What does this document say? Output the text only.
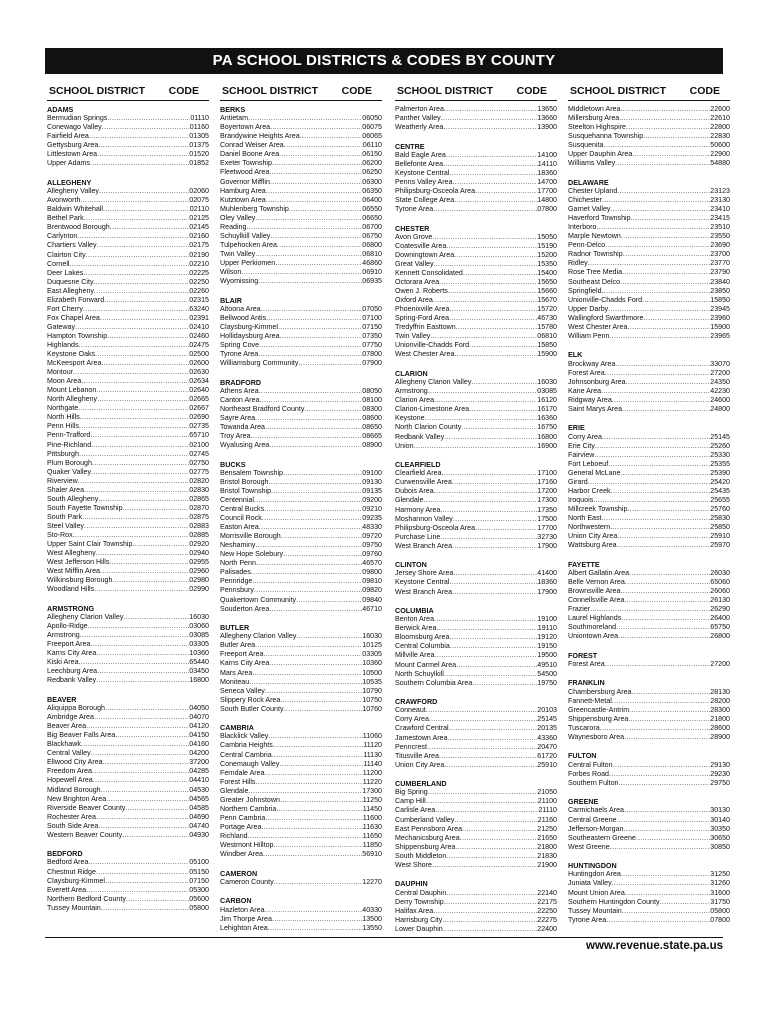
PA SCHOOL DISTRICTS & CODES BY COUNTY
SCHOOL DISTRICT CODE
ADAMS
Bermudian Springs .....	01110
Conewago Valley .....	01160
Fairfield Area .....	01305
Gettysburg Area .....	01375
Littlestown Area .....	01520
Upper Adams .....	01852
ALLEGHENY
Allegheny Valley .....	02060
Avonworth .....	02075
Baldwin Whitehall .....	02110
Bethel Park .....	02125
Brentwood Borough .....	02145
Carlynton .....	02160
Chartiers Valley .....	02175
Clairton City .....	02190
Cornell .....	02210
Deer Lakes .....	02225
Duquesne City .....	02250
East Allegheny .....	02260
Elizabeth Forward .....	02315
Fort Cherry .....	63240
Fox Chapel Area .....	02391
Gateway .....	02410
Hampton Township .....	02460
Highlands .....	02475
Keystone Oaks .....	02500
McKeesport Area .....	02600
Montour .....	02630
Moon Area .....	02634
Mount Lebanon .....	02640
North Allegheny .....	02665
Northgate .....	02667
North Hills .....	02690
Penn Hills .....	02735
Penn-Trafford .....	65710
Pine-Richland .....	02100
Pittsburgh .....	02745
Plum Borough .....	02750
Quaker Valley .....	02775
Riverview .....	02820
Shaler Area .....	02830
South Allegheny .....	02865
South Fayette Township .....	02870
South Park .....	02875
Steel Valley .....	02883
Sto-Rox .....	02885
Upper Saint Clair Township .....	02920
West Allegheny .....	02940
West Jefferson Hills .....	02955
West Mifflin Area .....	02960
Wilkinsburg Borough .....	02980
Woodland Hills .....	02990
ARMSTRONG
Allegheny Clarion Valley .....	16030
Apollo-Ridge .....	03060
Armstrong .....	03085
Freeport Area .....	03305
Karns City Area .....	10360
Kiski Area .....	65440
Leechburg Area .....	03450
Redbank Valley .....	16800
BEAVER
Aliquippa Borough .....	04050
Ambridge Area .....	04070
Beaver Area .....	04120
Big Beaver Falls Area .....	04150
Blackhawk .....	04160
Central Valley .....	04200
Ellwood City Area .....	37200
Freedom Area .....	04285
Hopewell Area .....	04410
Midland Borough .....	04530
New Brighton Area .....	04565
Riverside Beaver County .....	04585
Rochester Area .....	04690
South Side Area .....	04740
Western Beaver County .....	04930
BEDFORD
Bedford Area .....	05100
Chestnut Ridge .....	05150
Claysburg-Kimmel .....	07150
Everett Area .....	05300
Northern Bedford County .....	05600
Tussey Mountain .....	05800
SCHOOL DISTRICT CODE
BERKS
Antietam .....	06050
Boyertown Area .....	06075
Brandywine Heights Area .....	06065
Conrad Weiser Area .....	06110
Daniel Boone Area .....	06150
Exeter Township .....	06200
Fleetwood Area .....	06250
Governor Mifflin .....	06300
Hamburg Area .....	06350
Kutztown Area .....	06400
Muhlenberg Township .....	06550
Oley Valley .....	06650
Reading .....	06700
Schuylkill Valley .....	06750
Tulpehocken Area .....	06800
Twin Valley .....	06810
Upper Perkiomen .....	46860
Wilson .....	06910
Wyomissing .....	06935
BLAIR
Altoona Area .....	07050
Bellwood Antis .....	07100
Claysburg-Kimmel .....	07150
Hollidaysburg Area .....	07350
Spring Cove .....	07750
Tyrone Area .....	07800
Williamsburg Community .....	07900
BRADFORD
Athens Area .....	08050
Canton Area .....	08100
Northeast Bradford County .....	08300
Sayre Area .....	08600
Towanda Area .....	08650
Troy Area .....	08665
Wyalusing Area .....	08900
BUCKS
Bensalem Township .....	09100
Bristol Borough .....	09130
Bristol Township .....	09135
Centennial .....	09200
Central Bucks .....	09210
Council Rock .....	09235
Easton Area .....	48330
Morrisville Borough .....	09720
Neshaminy .....	09750
New Hope Solebury .....	09760
North Penn .....	46570
Palisades .....	09800
Pennridge .....	09810
Pennsbury .....	09820
Quakertown Community .....	09840
Souderton Area .....	46710
BUTLER
Allegheny Clarion Valley .....	16030
Butler Area .....	10125
Freeport Area .....	03305
Karns City Area .....	10360
Mars Area .....	10500
Moniteau .....	10535
Seneca Valley .....	10790
Slippery Rock Area .....	10750
South Butler County .....	10760
CAMBRIA
Blacklick Valley .....	11060
Cambria Heights .....	11120
Central Cambria .....	11130
Conemaugh Valley .....	11140
Ferndale Area .....	11200
Forest Hills .....	11220
Glendale .....	17300
Greater Johnstown .....	11250
Northern Cambria .....	11450
Penn Cambria .....	11600
Portage Area .....	11630
Richland .....	11650
Westmont Hilltop .....	11850
Windber Area .....	56910
CAMERON
Cameron County .....	12270
CARBON
Hazleton Area .....	40330
Jim Thorpe Area .....	13500
Lehighton Area .....	13550
SCHOOL DISTRICT CODE
Palmerton Area .....	13650
Panther Valley .....	13660
Weatherly Area .....	13900
CENTRE
Bald Eagle Area .....	14100
Bellefonte Area .....	14110
Keystone Central .....	18360
Penns Valley Area .....	14700
Philipsburg-Osceola Area .....	17700
State College Area .....	14800
Tyrone Area .....	07800
CHESTER
Avon Grove .....	15050
Coatesville Area .....	15190
Downingtown Area .....	15200
Great Valley .....	15350
Kennett Consolidated .....	15400
Octorara Area .....	15650
Owen J. Roberts .....	15660
Oxford Area .....	15670
Phoenixville Area .....	15720
Spring-Ford Area .....	46730
Tredyffrin Easttown .....	15780
Twin Valley .....	06810
Unionville-Chadds Ford .....	15850
West Chester Area .....	15900
CLARION
Allegheny Clarion Valley .....	16030
Armstrong .....	03085
Clarion Area .....	16120
Clarion-Limestone Area .....	16170
Keystone .....	16360
North Clarion County .....	16750
Redbank Valley .....	16800
Union .....	16900
CLEARFIELD
Clearfield Area .....	17100
Curwensville Area .....	17160
Dubois Area .....	17200
Glendale .....	17300
Harmony Area .....	17350
Moshannon Valley .....	17500
Philipsburg-Osceola Area .....	17700
Purchase Line .....	32730
West Branch Area .....	17900
CLINTON
Jersey Shore Area .....	41400
Keystone Central .....	18360
West Branch Area .....	17900
COLUMBIA
Benton Area .....	19100
Berwick Area .....	19110
Bloomsburg Area .....	19120
Central Columbia .....	19150
Millville Area .....	19500
Mount Carmel Area .....	49510
North Schuylkill .....	54500
Southern Columbia Area .....	19750
CRAWFORD
Conneaut .....	20103
Corry Area .....	25145
Crawford Central .....	20135
Jamestown Area .....	43360
Penncrest .....	20470
Titusville Area .....	61720
Union City Area .....	25910
CUMBERLAND
Big Spring .....	21050
Camp Hill .....	21100
Carlisle Area .....	21110
Cumberland Valley .....	21160
East Pennsboro Area .....	21250
Mechanicsburg Area .....	21650
Shippensburg Area .....	21800
South Middleton .....	21830
West Shore .....	21900
DAUPHIN
Central Dauphin .....	22140
Derry Township .....	22175
Halifax Area .....	22250
Harrisburg City .....	22275
Lower Dauphin .....	22400
SCHOOL DISTRICT CODE
Middletown Area .....	22600
Millersburg Area .....	22610
Steelton Highspire .....	22800
Susquehanna Township .....	22830
Susquenita .....	50600
Upper Dauphin Area .....	22900
Williams Valley .....	54880
DELAWARE
Chester Upland .....	23123
Chichester .....	23130
Garnet Valley .....	23410
Haverford Township .....	23415
Interboro .....	23510
Marple Newtown .....	23550
Penn-Delco .....	23690
Radnor Township .....	23700
Ridley .....	23770
Rose Tree Media .....	23790
Southeast Delco .....	23840
Springfield .....	23850
Unionville-Chadds Ford .....	15850
Upper Darby .....	23945
Wallingford Swarthmore .....	23960
West Chester Area .....	15900
William Penn .....	23965
ELK
Brockway Area .....	33070
Forest Area .....	27200
Johnsonburg Area .....	24350
Kane Area .....	42230
Ridgway Area .....	24600
Saint Marys Area .....	24800
ERIE
Corry Area .....	25145
Erie City .....	25260
Fairview .....	25330
Fort Leboeuf .....	25355
General McLane .....	25390
Girard .....	25420
Harbor Creek .....	25435
Iroquois .....	25655
Millcreek Township .....	25760
North East .....	25830
Northwestern .....	25850
Union City Area .....	25910
Wattsburg Area .....	25970
FAYETTE
Albert Gallatin Area .....	26030
Belle Vernon Area .....	65060
Brownsville Area .....	26060
Connellsville Area .....	26130
Frazier .....	26290
Laurel Highlands .....	26400
Southmoreland .....	65750
Uniontown Area .....	26800
FOREST
Forest Area .....	27200
FRANKLIN
Chambersburg Area .....	28130
Fannett-Metal .....	28200
Greencastle-Antrim .....	28300
Shippensburg Area .....	21800
Tuscarora .....	28600
Waynesboro Area .....	28900
FULTON
Central Fulton .....	29130
Forbes Road .....	29230
Southern Fulton .....	29750
GREENE
Carmichaels Area .....	30130
Central Greene .....	30140
Jefferson-Morgan .....	30350
Southeastern Greene .....	30650
West Greene .....	30850
HUNTINGDON
Huntingdon Area .....	31250
Juniata Valley .....	31260
Mount Union Area .....	31600
Southern Huntingdon County .....	31750
Tussey Mountain .....	05800
Tyrone Area .....	07800
www.revenue.state.pa.us
